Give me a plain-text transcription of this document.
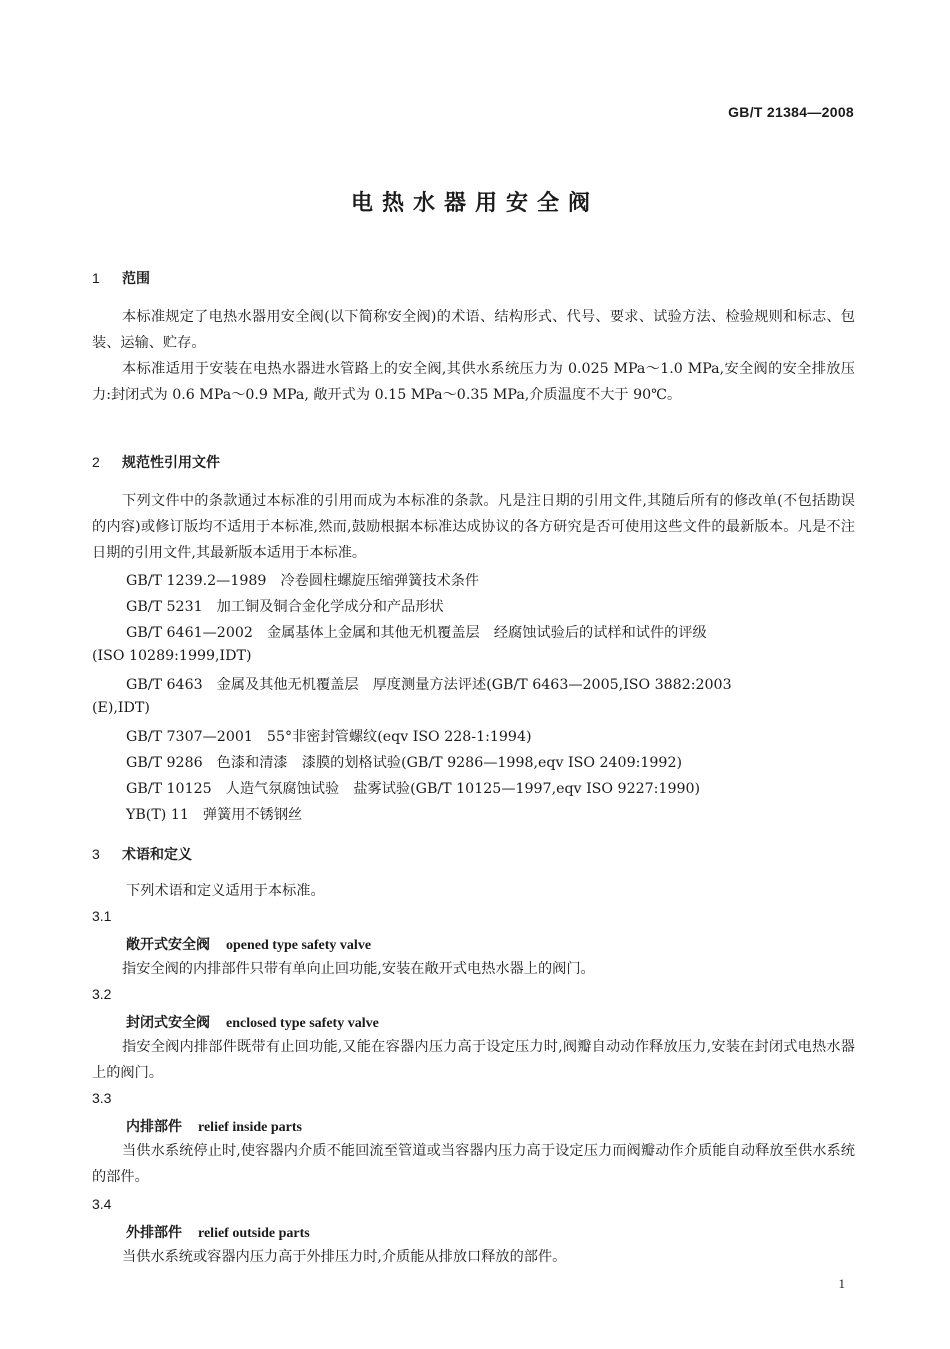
GB/T 21384—2008
电热水器用安全阀
1 范围
本标准规定了电热水器用安全阀(以下简称安全阀)的术语、结构形式、代号、要求、试验方法、检验规则和标志、包装、运输、贮存。
本标准适用于安装在电热水器进水管路上的安全阀,其供水系统压力为 0.025 MPa～1.0 MPa,安全阀的安全排放压力:封闭式为 0.6 MPa～0.9 MPa, 敞开式为 0.15 MPa～0.35 MPa,介质温度不大于 90℃。
2 规范性引用文件
下列文件中的条款通过本标准的引用而成为本标准的条款。凡是注日期的引用文件,其随后所有的修改单(不包括勘误的内容)或修订版均不适用于本标准,然而,鼓励根据本标准达成协议的各方研究是否可使用这些文件的最新版本。凡是不注日期的引用文件,其最新版本适用于本标准。
GB/T 1239.2—1989 冷卷圆柱螺旋压缩弹簧技术条件
GB/T 5231 加工铜及铜合金化学成分和产品形状
GB/T 6461—2002 金属基体上金属和其他无机覆盖层　经腐蚀试验后的试样和试件的评级
(ISO 10289:1999,IDT)
GB/T 6463 金属及其他无机覆盖层　厚度测量方法评述(GB/T 6463—2005,ISO 3882:2003
(E),IDT)
GB/T 7307—2001 55°非密封管螺纹(eqv ISO 228-1:1994)
GB/T 9286 色漆和清漆　漆膜的划格试验(GB/T 9286—1998,eqv ISO 2409:1992)
GB/T 10125 人造气氛腐蚀试验　盐雾试验(GB/T 10125—1997,eqv ISO 9227:1990)
YB(T) 11 弹簧用不锈钢丝
3 术语和定义
下列术语和定义适用于本标准。
3.1
敞开式安全阀 opened type safety valve
指安全阀的内排部件只带有单向止回功能,安装在敞开式电热水器上的阀门。
3.2
封闭式安全阀 enclosed type safety valve
指安全阀内排部件既带有止回功能,又能在容器内压力高于设定压力时,阀瓣自动动作释放压力,安装在封闭式电热水器上的阀门。
3.3
内排部件 relief inside parts
当供水系统停止时,使容器内介质不能回流至管道或当容器内压力高于设定压力而阀瓣动作介质能自动释放至供水系统的部件。
3.4
外排部件 relief outside parts
当供水系统或容器内压力高于外排压力时,介质能从排放口释放的部件。
1
